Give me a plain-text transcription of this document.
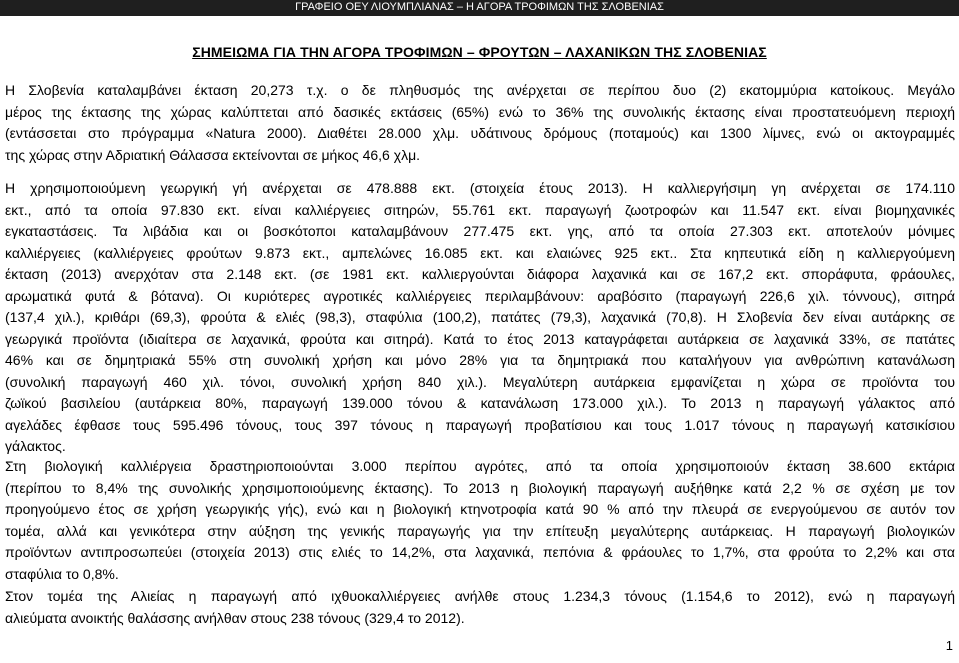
ΓΡΑΦΕΙΟ ΟΕΥ ΛΙΟΥΜΠΛΙΑΝΑΣ – Η ΑΓΟΡΑ ΤΡΟΦΙΜΩΝ ΤΗΣ ΣΛΟΒΕΝΙΑΣ
ΣΗΜΕΙΩΜΑ ΓΙΑ ΤΗΝ ΑΓΟΡΑ ΤΡΟΦΙΜΩΝ – ΦΡΟΥΤΩΝ – ΛΑΧΑΝΙΚΩΝ ΤΗΣ ΣΛΟΒΕΝΙΑΣ
Η Σλοβενία καταλαμβάνει έκταση 20,273 τ.χ. ο δε πληθυσμός της ανέρχεται σε περίπου δυο (2) εκατομμύρια κατοίκους. Μεγάλο
μέρος της έκτασης της χώρας καλύπτεται από δασικές εκτάσεις (65%) ενώ το 36% της συνολικής έκτασης είναι προστατευόμενη περιοχή
(εντάσσεται στο πρόγραμμα «Natura 2000). Διαθέτει 28.000 χλμ. υδάτινους δρόμους (ποταμούς) και 1300 λίμνες, ενώ οι ακτογραμμές
της χώρας στην Αδριατική Θάλασσα εκτείνονται σε μήκος 46,6 χλμ.
Η χρησιμοποιούμενη γεωργική γή ανέρχεται σε 478.888 εκτ. (στοιχεία έτους 2013). Η καλλιεργήσιμη γη ανέρχεται σε 174.110
εκτ., από τα οποία 97.830 εκτ. είναι καλλιέργειες σιτηρών, 55.761 εκτ. παραγωγή ζωοτροφών και 11.547 εκτ. είναι βιομηχανικές
εγκαταστάσεις. Τα λιβάδια και οι βοσκότοποι καταλαμβάνουν 277.475 εκτ. γης, από τα οποία 27.303 εκτ. αποτελούν μόνιμες
καλλιέργειες (καλλιέργειες φρούτων 9.873 εκτ., αμπελώνες 16.085 εκτ. και ελαιώνες 925 εκτ.. Στα κηπευτικά είδη η καλλιεργούμενη
έκταση (2013) ανερχόταν στα 2.148 εκτ. (σε 1981 εκτ. καλλιεργούνται διάφορα λαχανικά και σε 167,2 εκτ. σποράφυτα, φράουλες,
αρωματικά φυτά & βότανα). Οι κυριότερες αγροτικές καλλιέργειες περιλαμβάνουν: αραβόσιτο (παραγωγή 226,6 χιλ. τόννους), σιτηρά
(137,4 χιλ.), κριθάρι (69,3), φρούτα & ελιές (98,3), σταφύλια (100,2), πατάτες (79,3), λαχανικά (70,8). Η Σλοβενία δεν είναι αυτάρκης σε
γεωργικά προϊόντα (ιδιαίτερα σε λαχανικά, φρούτα και σιτηρά). Κατά το έτος 2013 καταγράφεται αυτάρκεια σε λαχανικά 33%, σε πατάτες
46% και σε δημητριακά 55% στη συνολική χρήση και μόνο 28% για τα δημητριακά που καταλήγουν για ανθρώπινη κατανάλωση
(συνολική παραγωγή 460 χιλ. τόνοι, συνολική χρήση 840 χιλ.). Μεγαλύτερη αυτάρκεια εμφανίζεται η χώρα σε προϊόντα του
ζωϊκού βασιλείου (αυτάρκεια 80%, παραγωγή 139.000 τόνου & κατανάλωση 173.000 χιλ.). Το 2013 η παραγωγή γάλακτος από
αγελάδες έφθασε τους 595.496 τόνους, τους 397 τόνους η παραγωγή προβατίσιου και τους 1.017 τόνους η παραγωγή κατσικίσιου
γάλακτος.
Στη βιολογική καλλιέργεια δραστηριοποιούνται 3.000 περίπου αγρότες, από τα οποία χρησιμοποιούν έκταση 38.600 εκτάρια
(περίπου το 8,4% της συνολικής χρησιμοποιούμενης έκτασης). Το 2013 η βιολογική παραγωγή αυξήθηκε κατά 2,2 % σε σχέση με τον
προηγούμενο έτος σε χρήση γεωργικής γής), ενώ και η βιολογική κτηνοτροφία κατά 90 % από την πλευρά σε ενεργούμενου σε αυτόν τον
τομέα, αλλά και γενικότερα στην αύξηση της γενικής παραγωγής για την επίτευξη μεγαλύτερης αυτάρκειας. Η παραγωγή βιολογικών
προϊόντων αντιπροσωπεύει (στοιχεία 2013) στις ελιές το 14,2%, στα λαχανικά, πεπόνια & φράουλες το 1,7%, στα φρούτα το 2,2% και στα
σταφύλια το 0,8%.
Στον τομέα της Αλιείας η παραγωγή από ιχθυοκαλλιέργειες ανήλθε στους 1.234,3 τόνους (1.154,6 το 2012), ενώ η παραγωγή
αλιεύματα ανοικτής θαλάσσης ανήλθαν στους 238 τόνους (329,4 το 2012).
1
